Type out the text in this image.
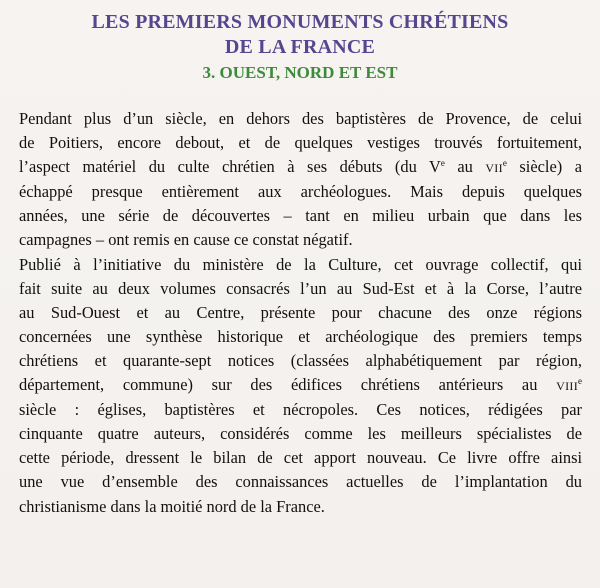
LES PREMIERS MONUMENTS CHRÉTIENS
DE LA FRANCE
3. OUEST, NORD ET EST
Pendant plus d’un siècle, en dehors des baptistères de Provence, de celui
de Poitiers, encore debout, et de quelques vestiges trouvés fortuitement,
l’aspect matériel du culte chrétien à ses débuts (du Ve au VIIe siècle) a
échappé presque entièrement aux archéologues. Mais depuis quelques
années, une série de découvertes – tant en milieu urbain que dans les
campagnes – ont remis en cause ce constat négatif.
Publié à l’initiative du ministère de la Culture, cet ouvrage collectif, qui
fait suite au deux volumes consacrés l’un au Sud-Est et à la Corse, l’autre
au Sud-Ouest et au Centre, présente pour chacune des onze régions
concernées une synthèse historique et archéologique des premiers temps
chrétiens et quarante-sept notices (classées alphabétiquement par région,
département, commune) sur des édifices chrétiens antérieurs au VIIIe
siècle : églises, baptistères et nécropoles. Ces notices, rédigées par
cinquante quatre auteurs, considérés comme les meilleurs spécialistes de
cette période, dressent le bilan de cet apport nouveau. Ce livre offre ainsi
une vue d’ensemble des connaissances actuelles de l’implantation du
christianisme dans la moitié nord de la France.
